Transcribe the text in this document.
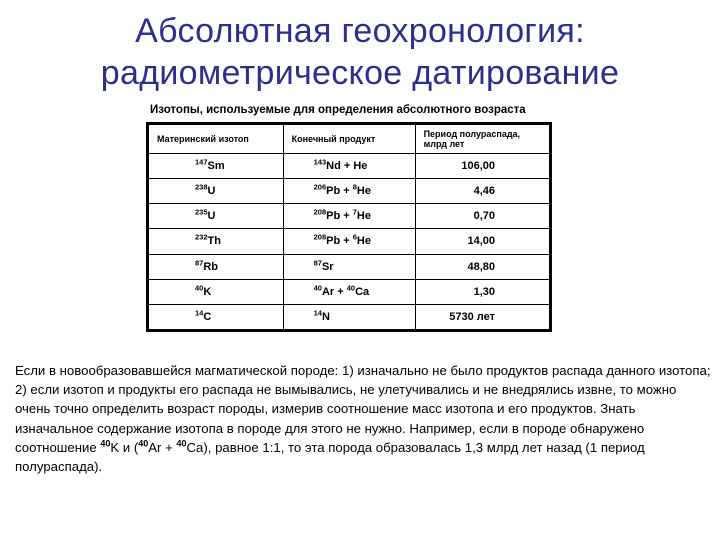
Абсолютная геохронология:
радиометрическое датирование
Изотопы, используемые для определения абсолютного возраста
Материнский изотоп	Конечный продукт	Период полураспада,
млрд лет
$^{147}$Sm	$^{143}$Nd + He	106,00
$^{238}$U	$^{206}$Pb + $^8$He	4,46
$^{235}$U	$^{208}$Pb + $^7$He	0,70
$^{232}$Th	$^{208}$Pb + $^6$He	14,00
$^{87}$Rb	$^{87}$Sr	48,80
$^{40}$K	$^{40}$Ar + $^{40}$Ca	1,30
$^{14}$C	$^{14}$N	5730 лет
Если в новообразовавшейся магматической породе: 1) изначально не было продуктов распада данного изотопа; 2) если изотоп и продукты его распада не вымывались, не улетучивались и не внедрялись извне, то можно очень точно определить возраст породы, измерив соотношение масс изотопа и его продуктов. Знать изначальное содержание изотопа в породе для этого не нужно. Например, если в породе обнаружено соотношение $^{40}$K и ($^{40}$Ar + $^{40}$Ca), равное 1:1, то эта порода образовалась 1,3 млрд лет назад (1 период полураспада).
